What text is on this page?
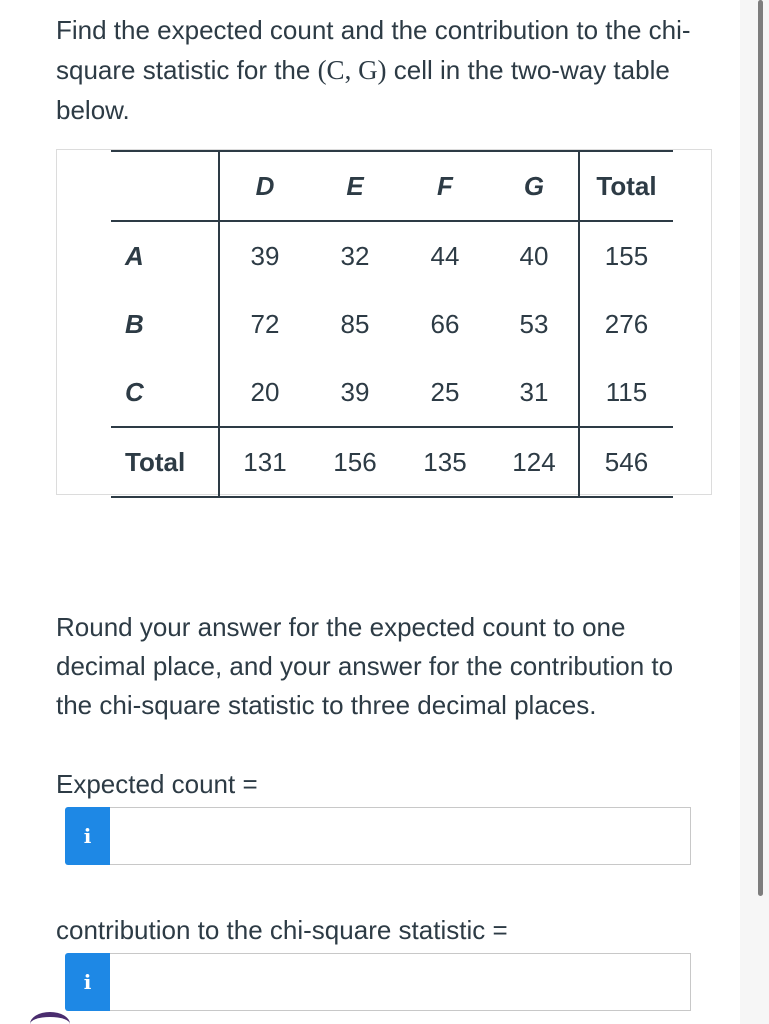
Find the expected count and the contribution to the chi-square statistic for the (C, G) cell in the two-way table below.
	D	E	F	G	Total
A	39	32	44	40	155
B	72	85	66	53	276
C	20	39	25	31	115
Total	131	156	135	124	546
Round your answer for the expected count to one decimal place, and your answer for the contribution to the chi-square statistic to three decimal places.
Expected count =
i
contribution to the chi-square statistic =
i
